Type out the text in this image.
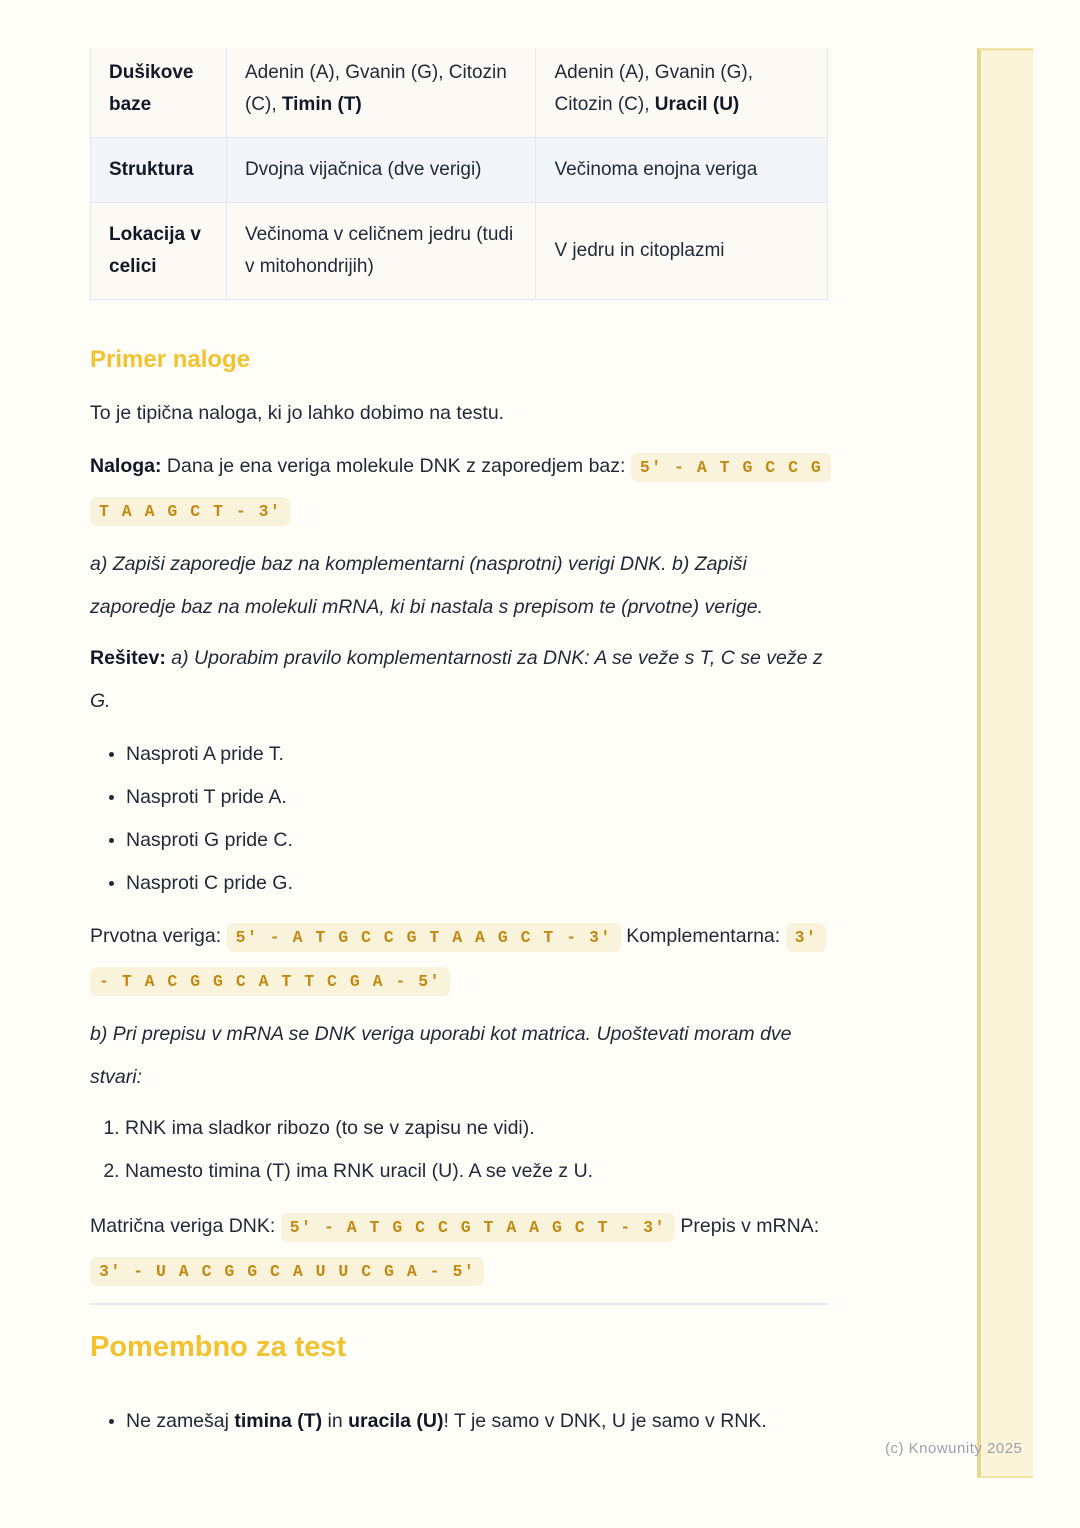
(c) Knowunity 2025
Dušikove baze	Adenin (A), Gvanin (G), Citozin (C), Timin (T)	Adenin (A), Gvanin (G), Citozin (C), Uracil (U)
Struktura	Dvojna vijačnica (dve verigi)	Večinoma enojna veriga
Lokacija v celici	Večinoma v celičnem jedru (tudi v mitohondrijih)	V jedru in citoplazmi
Primer naloge

To je tipična naloga, ki jo lahko dobimo na testu.

Naloga: Dana je ena veriga molekule DNK z zaporedjem baz: 5' - A T G C C G T A A G C T - 3'

a) Zapiši zaporedje baz na komplementarni (nasprotni) verigi DNK. b) Zapiši zaporedje baz na molekuli mRNA, ki bi nastala s prepisom te (prvotne) verige.

Rešitev: a) Uporabim pravilo komplementarnosti za DNK: A se veže s T, C se veže z G.

• Nasproti A pride T.
• Nasproti T pride A.
• Nasproti G pride C.
• Nasproti C pride G.

Prvotna veriga: 5' - A T G C C G T A A G C T - 3' Komplementarna: 3' - T A C G G C A T T C G A - 5'

b) Pri prepisu v mRNA se DNK veriga uporabi kot matrica. Upoštevati moram dve stvari:

1. RNK ima sladkor ribozo (to se v zapisu ne vidi).
2. Namesto timina (T) ima RNK uracil (U). A se veže z U.

Matrična veriga DNK: 5' - A T G C C G T A A G C T - 3' Prepis v mRNA: 3' - U A C G G C A U U C G A - 5'

Pomembno za test
• Ne zamešaj timina (T) in uracila (U)! T je samo v DNK, U je samo v RNK.
